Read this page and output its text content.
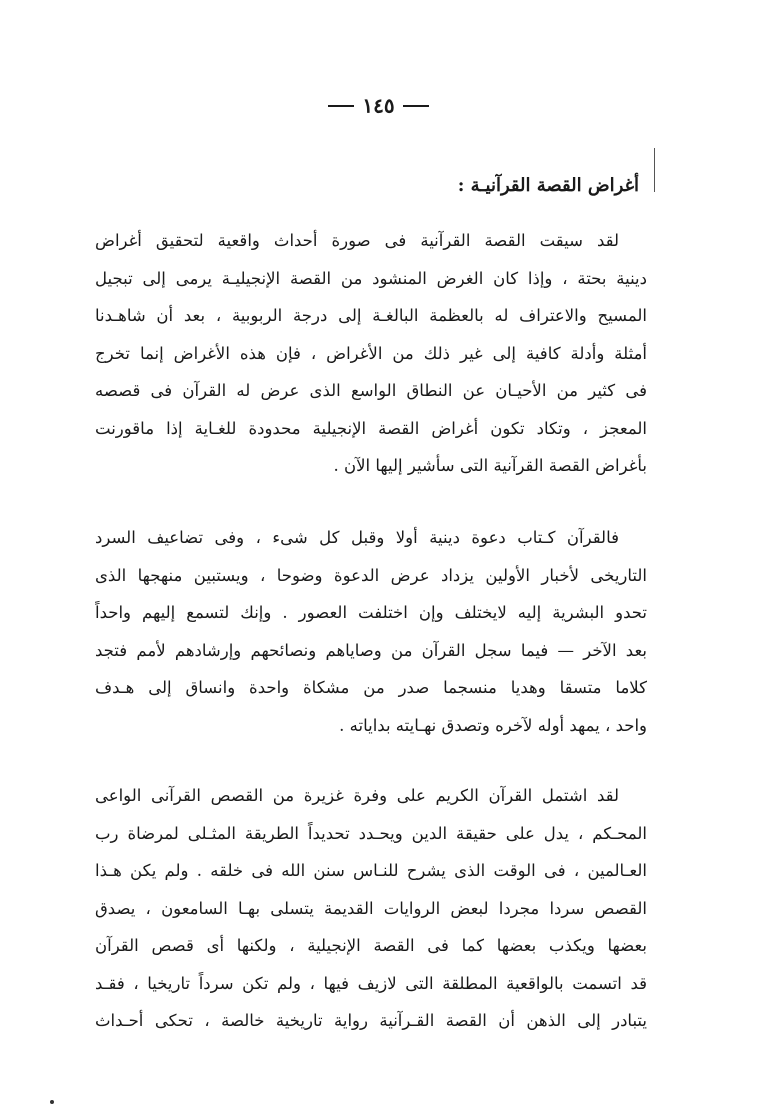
١٤٥
أغراض القصة القرآنيـة :
لقد سيقت القصة القرآنية فى صورة أحداث واقعية لتحقيق أغراض
دينية بحتة ، وإذا كان الغرض المنشود من القصة الإنجيليـة يرمى إلى تبجيل
المسيح والاعتراف له بالعظمة البالغـة إلى درجة الربوبية ، بعد أن شاهـدنا
أمثلة وأدلة كافية إلى غير ذلك من الأغراض ، فإن هذه الأغراض إنما تخرج
فى كثير من الأحيـان عن النطاق الواسع الذى عرض له القرآن فى قصصه
المعجز ، وتكاد تكون أغراض القصة الإنجيلية محدودة للغـاية إذا ماقورنت
بأغراض القصة القرآنية التى سأشير إليها الآن .
فالقرآن كـتاب دعوة دينية أولا وقبل كل شىء ، وفى تضاعيف السرد
التاريخى لأخبار الأولين يزداد عرض الدعوة وضوحا ، ويستبين منهجها الذى
تحدو البشرية إليه لايختلف وإن اختلفت العصور . وإنك لتسمع إليهم واحداً
بعد الآخر — فيما سجل القرآن من وصاياهم ونصائحهم وإرشادهم لأمم فتجد
كلاما متسقا وهديا منسجما صدر من مشكاة واحدة وانساق إلى هـدف
واحد ، يمهد أوله لآخره وتصدق نهـايته بداياته .
لقد اشتمل القرآن الكريم على وفرة غزيرة من القصص القرآنى الواعى
المحـكم ، يدل على حقيقة الدين ويحـدد تحديداً الطريقة المثـلى لمرضاة رب
العـالمين ، فى الوقت الذى يشرح للنـاس سنن الله فى خلقه . ولم يكن هـذا
القصص سردا مجردا لبعض الروايات القديمة يتسلى بهـا السامعون ، يصدق
بعضها ويكذب بعضها كما فى القصة الإنجيلية ، ولكنها أى قصص القرآن
قد اتسمت بالواقعية المطلقة التى لازيف فيها ، ولم تكن سرداً تاريخيا ، فقـد
يتبادر إلى الذهن أن القصة القـرآنية رواية تاريخية خالصة ، تحكى أحـداث
